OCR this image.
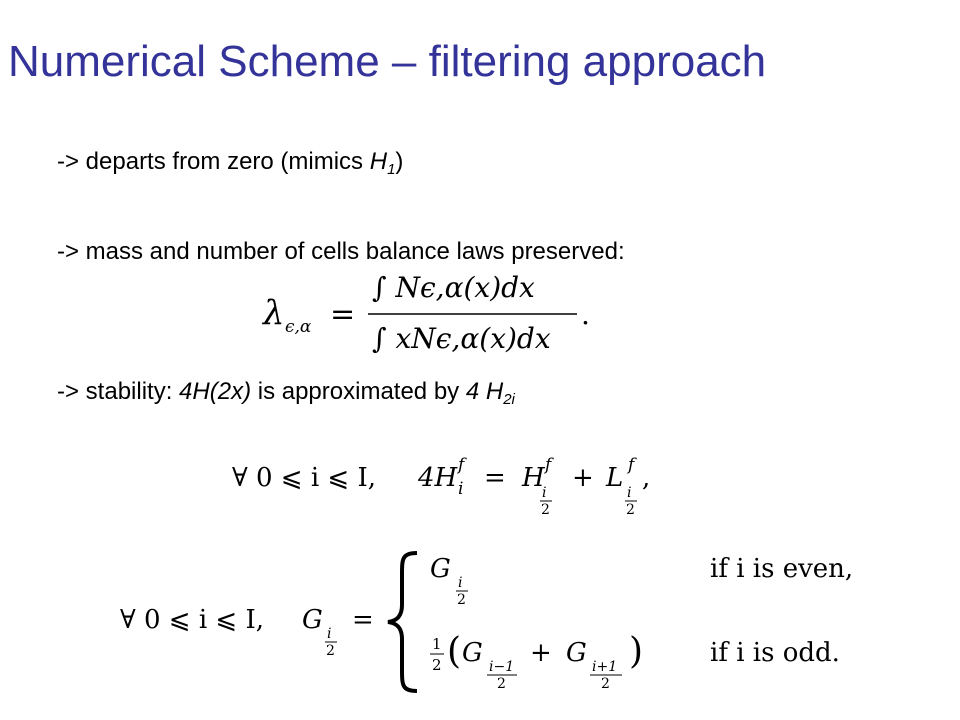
Numerical Scheme – filtering approach
-> departs from zero (mimics $H_1$)
-> mass and number of cells balance laws preserved:
-> stability: 4H(2x) is approximated by 4 $H_{2i}$
λ ϵ,α =
∫ Nϵ,α(x)dx
∫ xNϵ,α(x)dx
.
∀ 0 ⩽ i ⩽ I, 4H f
i = H f
i
2
+ L f
i
2
,
∀ 0 ⩽ i ⩽ I, G i
2
=
G i
2
if i is even,
1
2 ( G i−1
2
+ G i+1
2
)	if i is odd.
